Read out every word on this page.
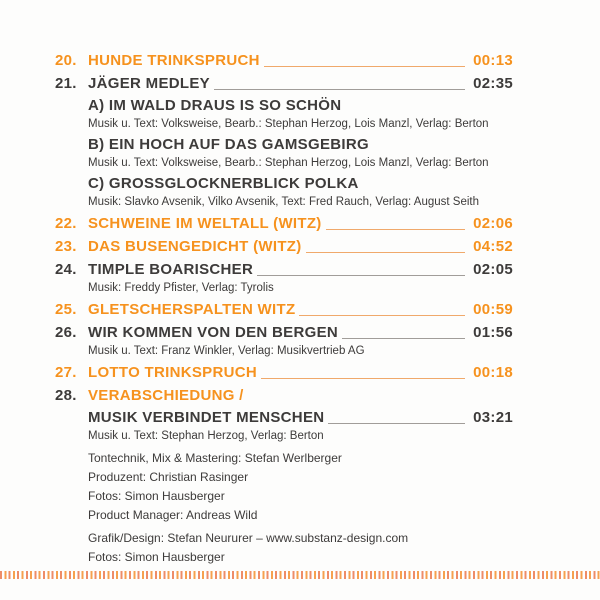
20. HUNDE TRINKSPRUCH	00:13
21. JÄGER MEDLEY	02:35
A) IM WALD DRAUS IS SO SCHÖN
Musik u. Text: Volksweise, Bearb.: Stephan Herzog, Lois Manzl, Verlag: Berton
B) EIN HOCH AUF DAS GAMSGEBIRG
Musik u. Text: Volksweise, Bearb.: Stephan Herzog, Lois Manzl, Verlag: Berton
C) GROSSGLOCKNERBLICK POLKA
Musik: Slavko Avsenik, Vilko Avsenik, Text: Fred Rauch, Verlag: August Seith
22. SCHWEINE IM WELTALL (WITZ)	02:06
23. DAS BUSENGEDICHT (WITZ)	04:52
24. TIMPLE BOARISCHER	02:05
Musik: Freddy Pfister, Verlag: Tyrolis
25. GLETSCHERSPALTEN WITZ	00:59
26. WIR KOMMEN VON DEN BERGEN	01:56
Musik u. Text: Franz Winkler, Verlag: Musikvertrieb AG
27. LOTTO TRINKSPRUCH	00:18
28. VERABSCHIEDUNG /
MUSIK VERBINDET MENSCHEN	03:21
Musik u. Text: Stephan Herzog, Verlag: Berton
Tontechnik, Mix & Mastering: Stefan Werlberger
Produzent: Christian Rasinger
Fotos: Simon Hausberger
Product Manager: Andreas Wild
Grafik/Design: Stefan Neururer – www.substanz-design.com
Fotos: Simon Hausberger
